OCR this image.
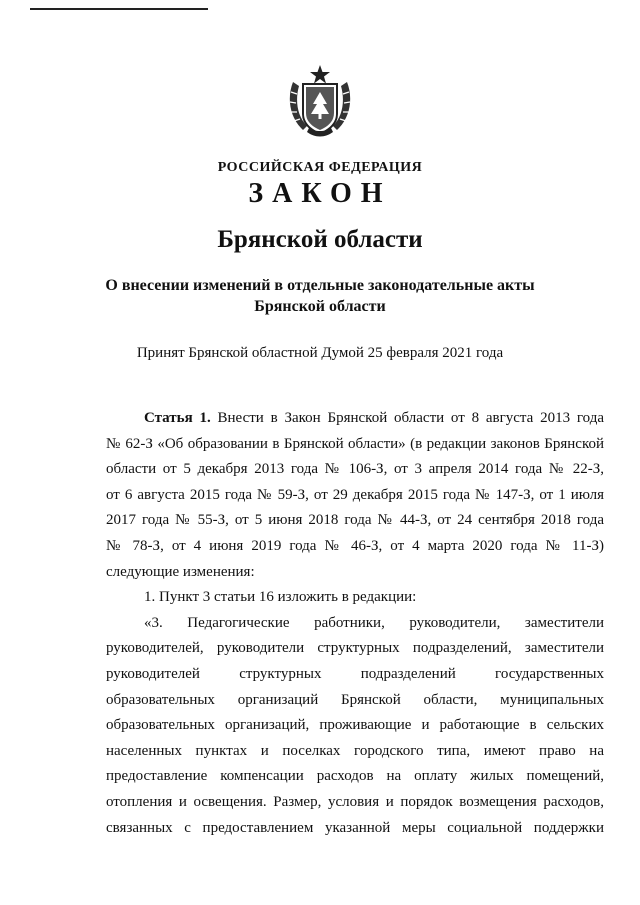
РОССИЙСКАЯ ФЕДЕРАЦИЯ
ЗАКОН
Брянской области
О внесении изменений в отдельные законодательные акты
Брянской области
Принят Брянской областной Думой 25 февраля 2021 года
Статья 1. Внести в Закон Брянской области от 8 августа 2013 года
№ 62-З «Об образовании в Брянской области» (в редакции законов Брянской
области от 5 декабря 2013 года № 106-З, от 3 апреля 2014 года № 22-З,
от 6 августа 2015 года № 59-З, от 29 декабря 2015 года № 147-З, от 1 июля
2017 года № 55-З, от 5 июня 2018 года № 44-З, от 24 сентября 2018 года
№ 78-З, от 4 июня 2019 года № 46-З, от 4 марта 2020 года № 11-З)
следующие изменения:
1. Пункт 3 статьи 16 изложить в редакции:
«3. Педагогические работники, руководители, заместители
руководителей, руководители структурных подразделений, заместители
руководителей структурных подразделений государственных
образовательных организаций Брянской области, муниципальных
образовательных организаций, проживающие и работающие в сельских
населенных пунктах и поселках городского типа, имеют право на
предоставление компенсации расходов на оплату жилых помещений,
отопления и освещения. Размер, условия и порядок возмещения расходов,
связанных с предоставлением указанной меры социальной поддержки
